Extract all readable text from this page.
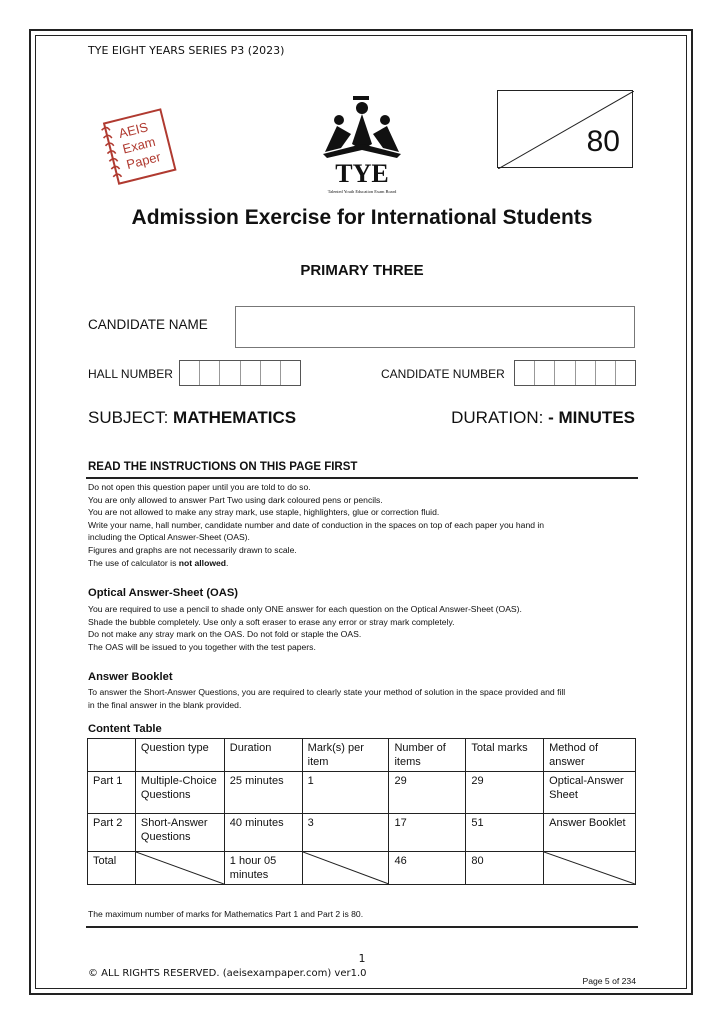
TYE EIGHT YEARS SERIES P3 (2023)
AEIS
Exam
Paper	TYE
Talented Youth Education Exam Board
80
Admission Exercise for International Students
PRIMARY THREE
CANDIDATE NAME
HALL NUMBER	CANDIDATE NUMBER
SUBJECT: MATHEMATICS	DURATION: - MINUTES
READ THE INSTRUCTIONS ON THIS PAGE FIRST
Do not open this question paper until you are told to do so.
You are only allowed to answer Part Two using dark coloured pens or pencils.
You are not allowed to make any stray mark, use staple, highlighters, glue or correction fluid.
Write your name, hall number, candidate number and date of conduction in the spaces on top of each paper you hand in
including the Optical Answer-Sheet (OAS).
Figures and graphs are not necessarily drawn to scale.
The use of calculator is not allowed.
Optical Answer-Sheet (OAS)
You are required to use a pencil to shade only ONE answer for each question on the Optical Answer-Sheet (OAS).
Shade the bubble completely. Use only a soft eraser to erase any error or stray mark completely.
Do not make any stray mark on the OAS. Do not fold or staple the OAS.
The OAS will be issued to you together with the test papers.
Answer Booklet
To answer the Short-Answer Questions, you are required to clearly state your method of solution in the space provided and fill
in the final answer in the blank provided.
Content Table
	Question type	Duration	Mark(s) per item	Number of items	Total marks	Method of answer
Part 1	Multiple-Choice Questions	25 minutes	1	29	29	Optical-Answer Sheet
Part 2	Short-Answer Questions	40 minutes	3	17	51	Answer Booklet
Total		1 hour 05 minutes		46	80	
The maximum number of marks for Mathematics Part 1 and Part 2 is 80.
1
© ALL RIGHTS RESERVED. (aeisexampaper.com) ver1.0
Page 5 of 234
